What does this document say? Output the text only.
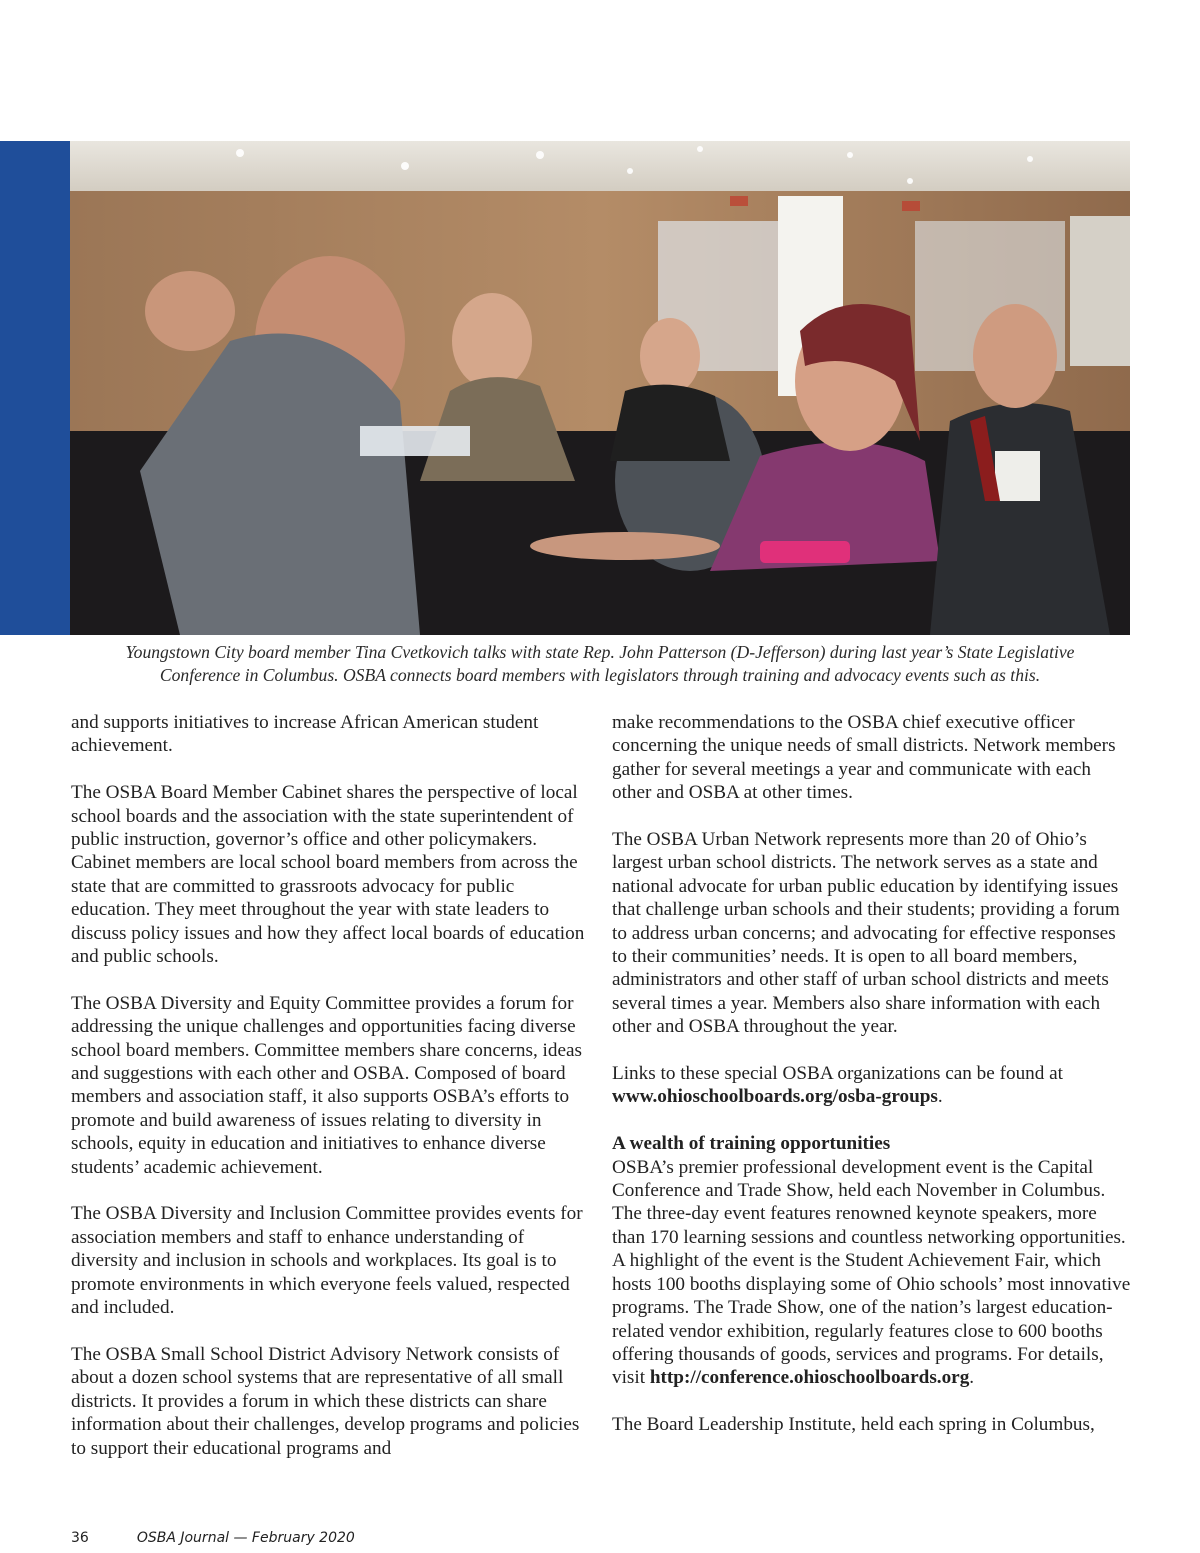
Youngstown City board member Tina Cvetkovich talks with state Rep. John Patterson (D-Jefferson) during last year’s State Legislative
Conference in Columbus. OSBA connects board members with legislators through training and advocacy events such as this.

and supports initiatives to increase African American student achievement.

The OSBA Board Member Cabinet shares the perspective of local school boards and the association with the state superintendent of public instruction, governor’s office and other policymakers. Cabinet members are local school board members from across the state that are committed to grassroots advocacy for public education. They meet throughout the year with state leaders to discuss policy issues and how they affect local boards of education and public schools.

The OSBA Diversity and Equity Committee provides a forum for addressing the unique challenges and opportunities facing diverse school board members. Committee members share concerns, ideas and suggestions with each other and OSBA. Composed of board members and association staff, it also supports OSBA’s efforts to promote and build awareness of issues relating to diversity in schools, equity in education and initiatives to enhance diverse students’ academic achievement.

The OSBA Diversity and Inclusion Committee provides events for association members and staff to enhance understanding of diversity and inclusion in schools and workplaces. Its goal is to promote environments in which everyone feels valued, respected and included.

The OSBA Small School District Advisory Network consists of about a dozen school systems that are representative of all small districts. It provides a forum in which these districts can share information about their challenges, develop programs and policies to support their educational programs and

make recommendations to the OSBA chief executive officer concerning the unique needs of small districts. Network members gather for several meetings a year and communicate with each other and OSBA at other times.

The OSBA Urban Network represents more than 20 of Ohio’s largest urban school districts. The network serves as a state and national advocate for urban public education by identifying issues that challenge urban schools and their students; providing a forum to address urban concerns; and advocating for effective responses to their communities’ needs. It is open to all board members, administrators and other staff of urban school districts and meets several times a year. Members also share information with each other and OSBA throughout the year.

Links to these special OSBA organizations can be found at www.ohioschoolboards.org/osba-groups.

A wealth of training opportunities

OSBA’s premier professional development event is the Capital Conference and Trade Show, held each November in Columbus. The three-day event features renowned keynote speakers, more than 170 learning sessions and countless networking opportunities. A highlight of the event is the Student Achievement Fair, which hosts 100 booths displaying some of Ohio schools’ most innovative programs. The Trade Show, one of the nation’s largest education-related vendor exhibition, regularly features close to 600 booths offering thousands of goods, services and programs. For details, visit http://conference.ohioschoolboards.org.

The Board Leadership Institute, held each spring in Columbus,

36	OSBA Journal — February 2020
